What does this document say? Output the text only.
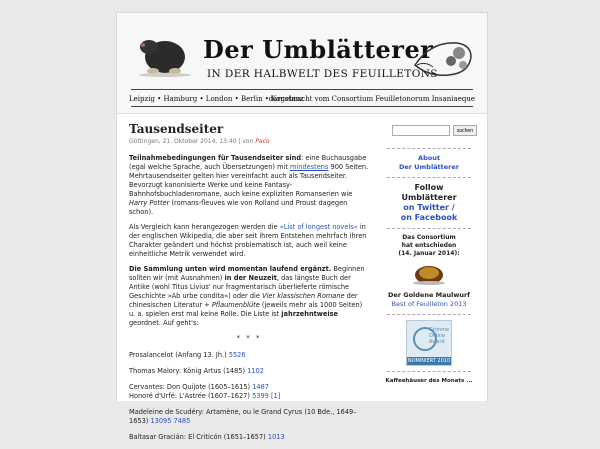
Der Umblätterer
IN DER HALBWELT DES FEUILLETONS
Leipzig • Hamburg • London • Berlin • Konstanz
dargebracht vom Consortium Feuilletonorum Insaniaeque
Tausendseiter
Göttingen, 21. Oktober 2014, 13:40 | von Paco

Teilnahmebedingungen für Tausendseiter sind: eine Buchausgabe (egal welche Sprache, auch Übersetzungen) mit mindestens 900 Seiten. Mehrtausendseiter gelten hier vereinfacht auch als Tausendseiter. Bevorzugt kanonisierte Werke und keine Fantasy-Bahnhofsbuchladenromane, auch keine expliziten Romanserien wie Harry Potter (romans-fleuves wie von Rolland und Proust dagegen schon).

Als Vergleich kann herangezogen werden die »List of longest novels« in der englischen Wikipedia, die aber seit ihrem Entstehen mehrfach ihren Charakter geändert und höchst problematisch ist, auch weil keine einheitliche Metrik verwendet wird.

Die Sammlung unten wird momentan laufend ergänzt. Beginnen sollten wir (mit Ausnahmen) in der Neuzeit, das längste Buch der Antike (wohl Titus Livius' nur fragmentarisch überlieferte römische Geschichte »Ab urbe condita«) oder die Vier klassischen Romane der chinesischen Literatur + Pflaumenblüte (jeweils mehr als 1000 Seiten) u. a. spielen erst mal keine Rolle. Die Liste ist jahrzehntweise geordnet. Auf geht's:

* * *
Prosalancelot (Anfang 13. Jh.) 5526
Thomas Malory: König Artus (1485) 1102
Cervantes: Don Quijote (1605–1615) 1487
Honoré d'Urfé: L'Astrée (1607–1627) 5399 [1]
Madeleine de Scudéry: Artamène, ou le Grand Cyrus (10 Bde., 1649–1653) 13095 7485
Baltasar Gracián: El Criticón (1651–1657) 1013
suchen
About
Der Umblätterer
Follow
Umblätterer
on Twitter /
on Facebook
Das Consortium
hat entschieden
(14. Januar 2014):
Der Goldene Maulwurf
Best of Feuilleton 2013
Grimme
Online
Award
NOMINIERT 2010
Kaffeehäuser des Monats ...
